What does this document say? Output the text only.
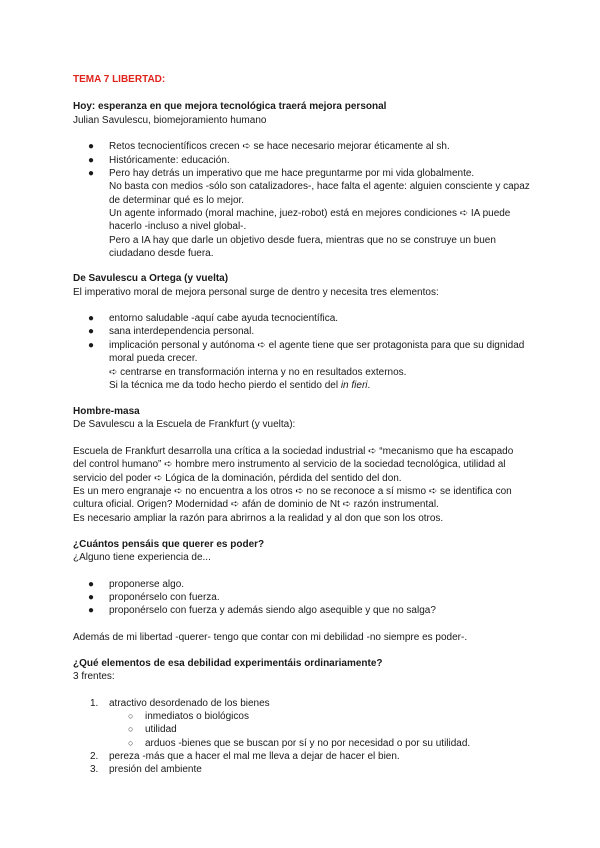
TEMA 7 LIBERTAD:
Hoy: esperanza en que mejora tecnológica traerá mejora personal
Julian Savulescu, biomejoramiento humano
● Retos tecnocientíficos crecen ➪ se hace necesario mejorar éticamente al sh.
● Históricamente: educación.
● Pero hay detrás un imperativo que me hace preguntarme por mi vida globalmente.
No basta con medios -sólo son catalizadores-, hace falta el agente: alguien consciente y capaz
de determinar qué es lo mejor.
Un agente informado (moral machine, juez-robot) está en mejores condiciones ➪ IA puede
hacerlo -incluso a nivel global-.
Pero a IA hay que darle un objetivo desde fuera, mientras que no se construye un buen
ciudadano desde fuera.
De Savulescu a Ortega (y vuelta)
El imperativo moral de mejora personal surge de dentro y necesita tres elementos:
● entorno saludable -aquí cabe ayuda tecnocientífica.
● sana interdependencia personal.
● implicación personal y autónoma ➪ el agente tiene que ser protagonista para que su dignidad
moral pueda crecer.
➪ centrarse en transformación interna y no en resultados externos.
Si la técnica me da todo hecho pierdo el sentido del in fieri.
Hombre-masa
De Savulescu a la Escuela de Frankfurt (y vuelta):
Escuela de Frankfurt desarrolla una crítica a la sociedad industrial ➪ “mecanismo que ha escapado
del control humano” ➪ hombre mero instrumento al servicio de la sociedad tecnológica, utilidad al
servicio del poder ➪ Lógica de la dominación, pérdida del sentido del don.
Es un mero engranaje ➪ no encuentra a los otros ➪ no se reconoce a sí mismo ➪ se identifica con
cultura oficial. Origen? Modernidad ➪ afán de dominio de Nt ➪ razón instrumental.
Es necesario ampliar la razón para abrirnos a la realidad y al don que son los otros.
¿Cuántos pensáis que querer es poder?
¿Alguno tiene experiencia de...
● proponerse algo.
● proponérselo con fuerza.
● proponérselo con fuerza y además siendo algo asequible y que no salga?
Además de mi libertad -querer- tengo que contar con mi debilidad -no siempre es poder-.
¿Qué elementos de esa debilidad experimentáis ordinariamente?
3 frentes:
1. atractivo desordenado de los bienes
○ inmediatos o biológicos
○ utilidad
○ arduos -bienes que se buscan por sí y no por necesidad o por su utilidad.
2. pereza -más que a hacer el mal me lleva a dejar de hacer el bien.
3. presión del ambiente
